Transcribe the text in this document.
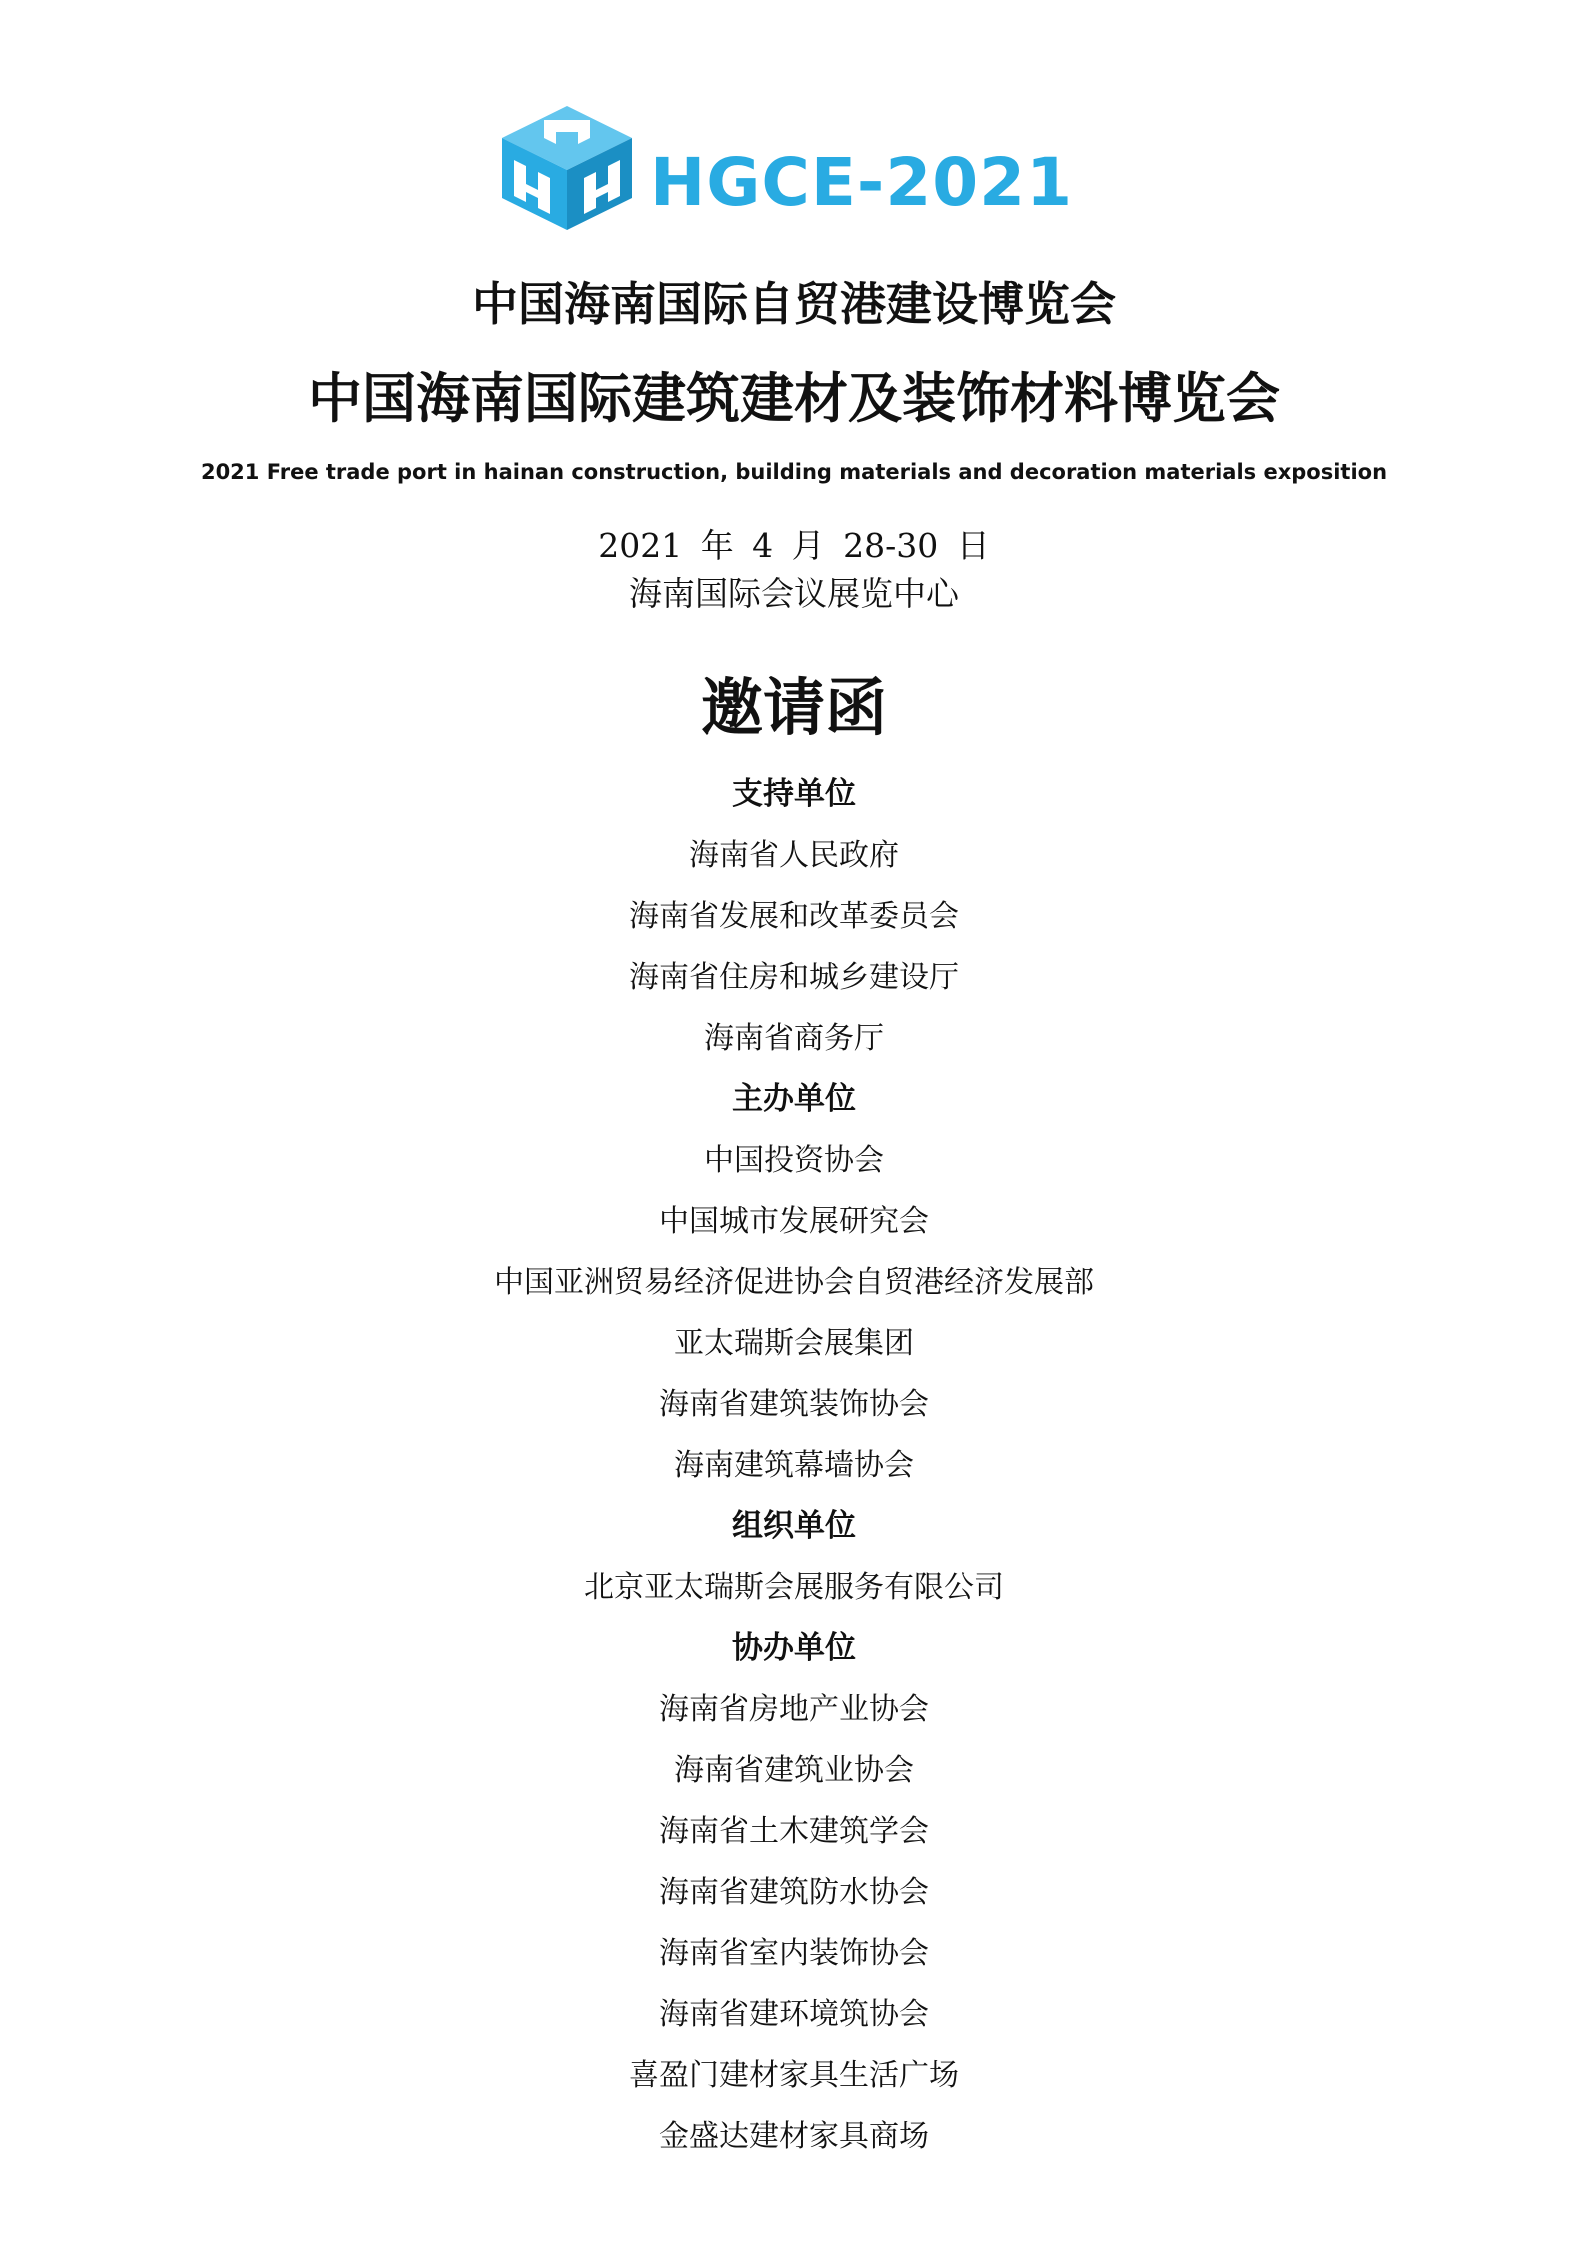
HGCE-2021
中国海南国际自贸港建设博览会
中国海南国际建筑建材及装饰材料博览会
2021 Free trade port in hainan construction, building materials and decoration materials exposition
2021 年 4 月 28-30 日
海南国际会议展览中心
邀请函
支持单位
海南省人民政府
海南省发展和改革委员会
海南省住房和城乡建设厅
海南省商务厅
主办单位
中国投资协会
中国城市发展研究会
中国亚洲贸易经济促进协会自贸港经济发展部
亚太瑞斯会展集团
海南省建筑装饰协会
海南建筑幕墙协会
组织单位
北京亚太瑞斯会展服务有限公司
协办单位
海南省房地产业协会
海南省建筑业协会
海南省土木建筑学会
海南省建筑防水协会
海南省室内装饰协会
海南省建环境筑协会
喜盈门建材家具生活广场
金盛达建材家具商场
